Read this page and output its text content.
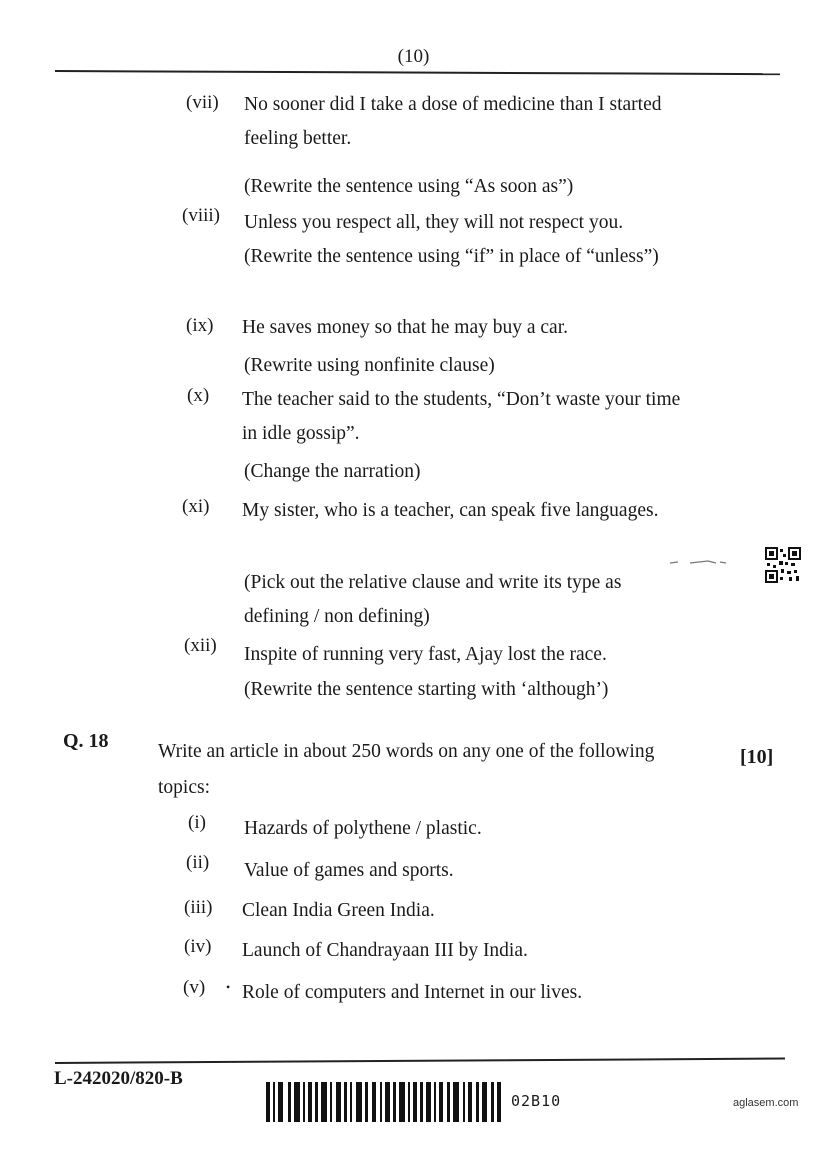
(10)
(vii) No sooner did I take a dose of medicine than I started feeling better.
(Rewrite the sentence using “As soon as”)
(viii) Unless you respect all, they will not respect you.
(Rewrite the sentence using “if” in place of “unless”)
(ix) He saves money so that he may buy a car.
(Rewrite using nonfinite clause)
(x) The teacher said to the students, “Don’t waste your time in idle gossip”.
(Change the narration)
(xi) My sister, who is a teacher, can speak five languages.
(Pick out the relative clause and write its type as defining / non defining)
(xii) Inspite of running very fast, Ajay lost the race.
(Rewrite the sentence starting with ‘although’)
Q. 18	Write an article in about 250 words on any one of the following topics:
[10]
(i) Hazards of polythene / plastic.
(ii) Value of games and sports.
(iii) Clean India Green India.
(iv) Launch of Chandrayaan III by India.
(v) • Role of computers and Internet in our lives.
L-242020/820-B
02B10	aglasem.com
